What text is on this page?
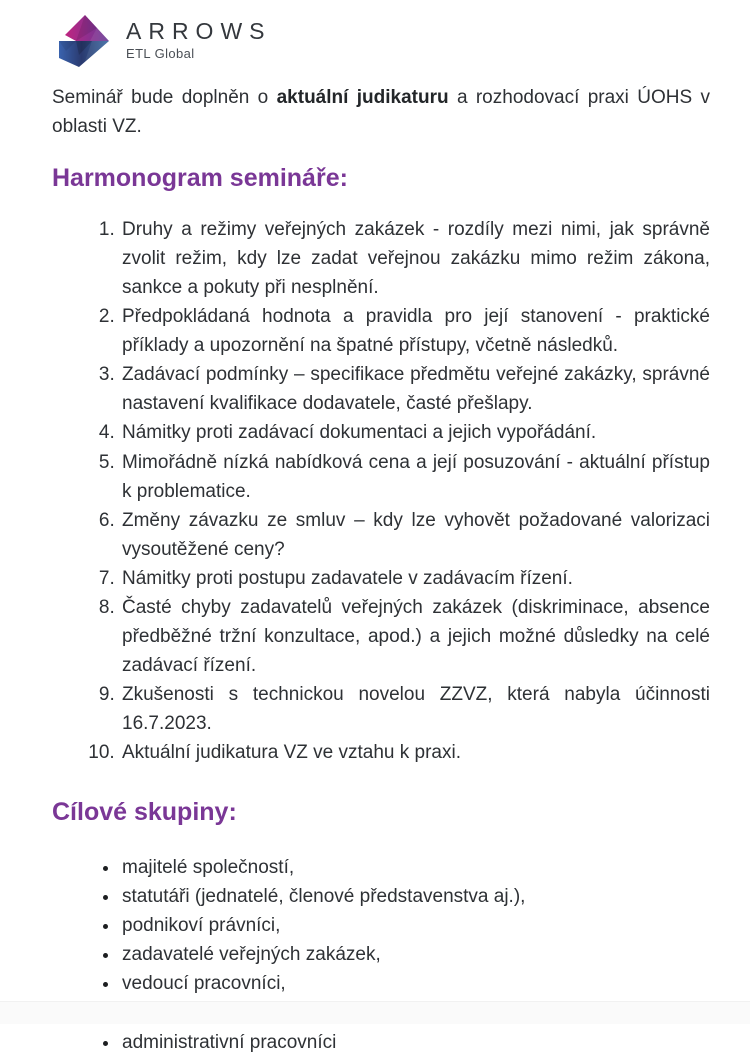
ARROWS
ETL Global

Seminář bude doplněn o aktuální judikaturu a rozhodovací praxi ÚOHS v oblasti VZ.

Harmonogram semináře:
1. Druhy a režimy veřejných zakázek - rozdíly mezi nimi, jak správně zvolit režim, kdy lze zadat veřejnou zakázku mimo režim zákona, sankce a pokuty při nesplnění.
2. Předpokládaná hodnota a pravidla pro její stanovení - praktické příklady a upozornění na špatné přístupy, včetně následků.
3. Zadávací podmínky – specifikace předmětu veřejné zakázky, správné nastavení kvalifikace dodavatele, časté přešlapy.
4. Námitky proti zadávací dokumentaci a jejich vypořádání.
5. Mimořádně nízká nabídková cena a její posuzování - aktuální přístup k problematice.
6. Změny závazku ze smluv – kdy lze vyhovět požadované valorizaci vysoutěžené ceny?
7. Námitky proti postupu zadavatele v zadávacím řízení.
8. Časté chyby zadavatelů veřejných zakázek (diskriminace, absence předběžné tržní konzultace, apod.) a jejich možné důsledky na celé zadávací řízení.
9. Zkušenosti s technickou novelou ZZVZ, která nabyla účinnosti 16.7.2023.
10. Aktuální judikatura VZ ve vztahu k praxi.
Cílové skupiny:
• majitelé společností,
• statutáři (jednatelé, členové představenstva aj.),
• podnikoví právníci,
• zadavatelé veřejných zakázek,
• vedoucí pracovníci,
•
• administrativní pracovníci
